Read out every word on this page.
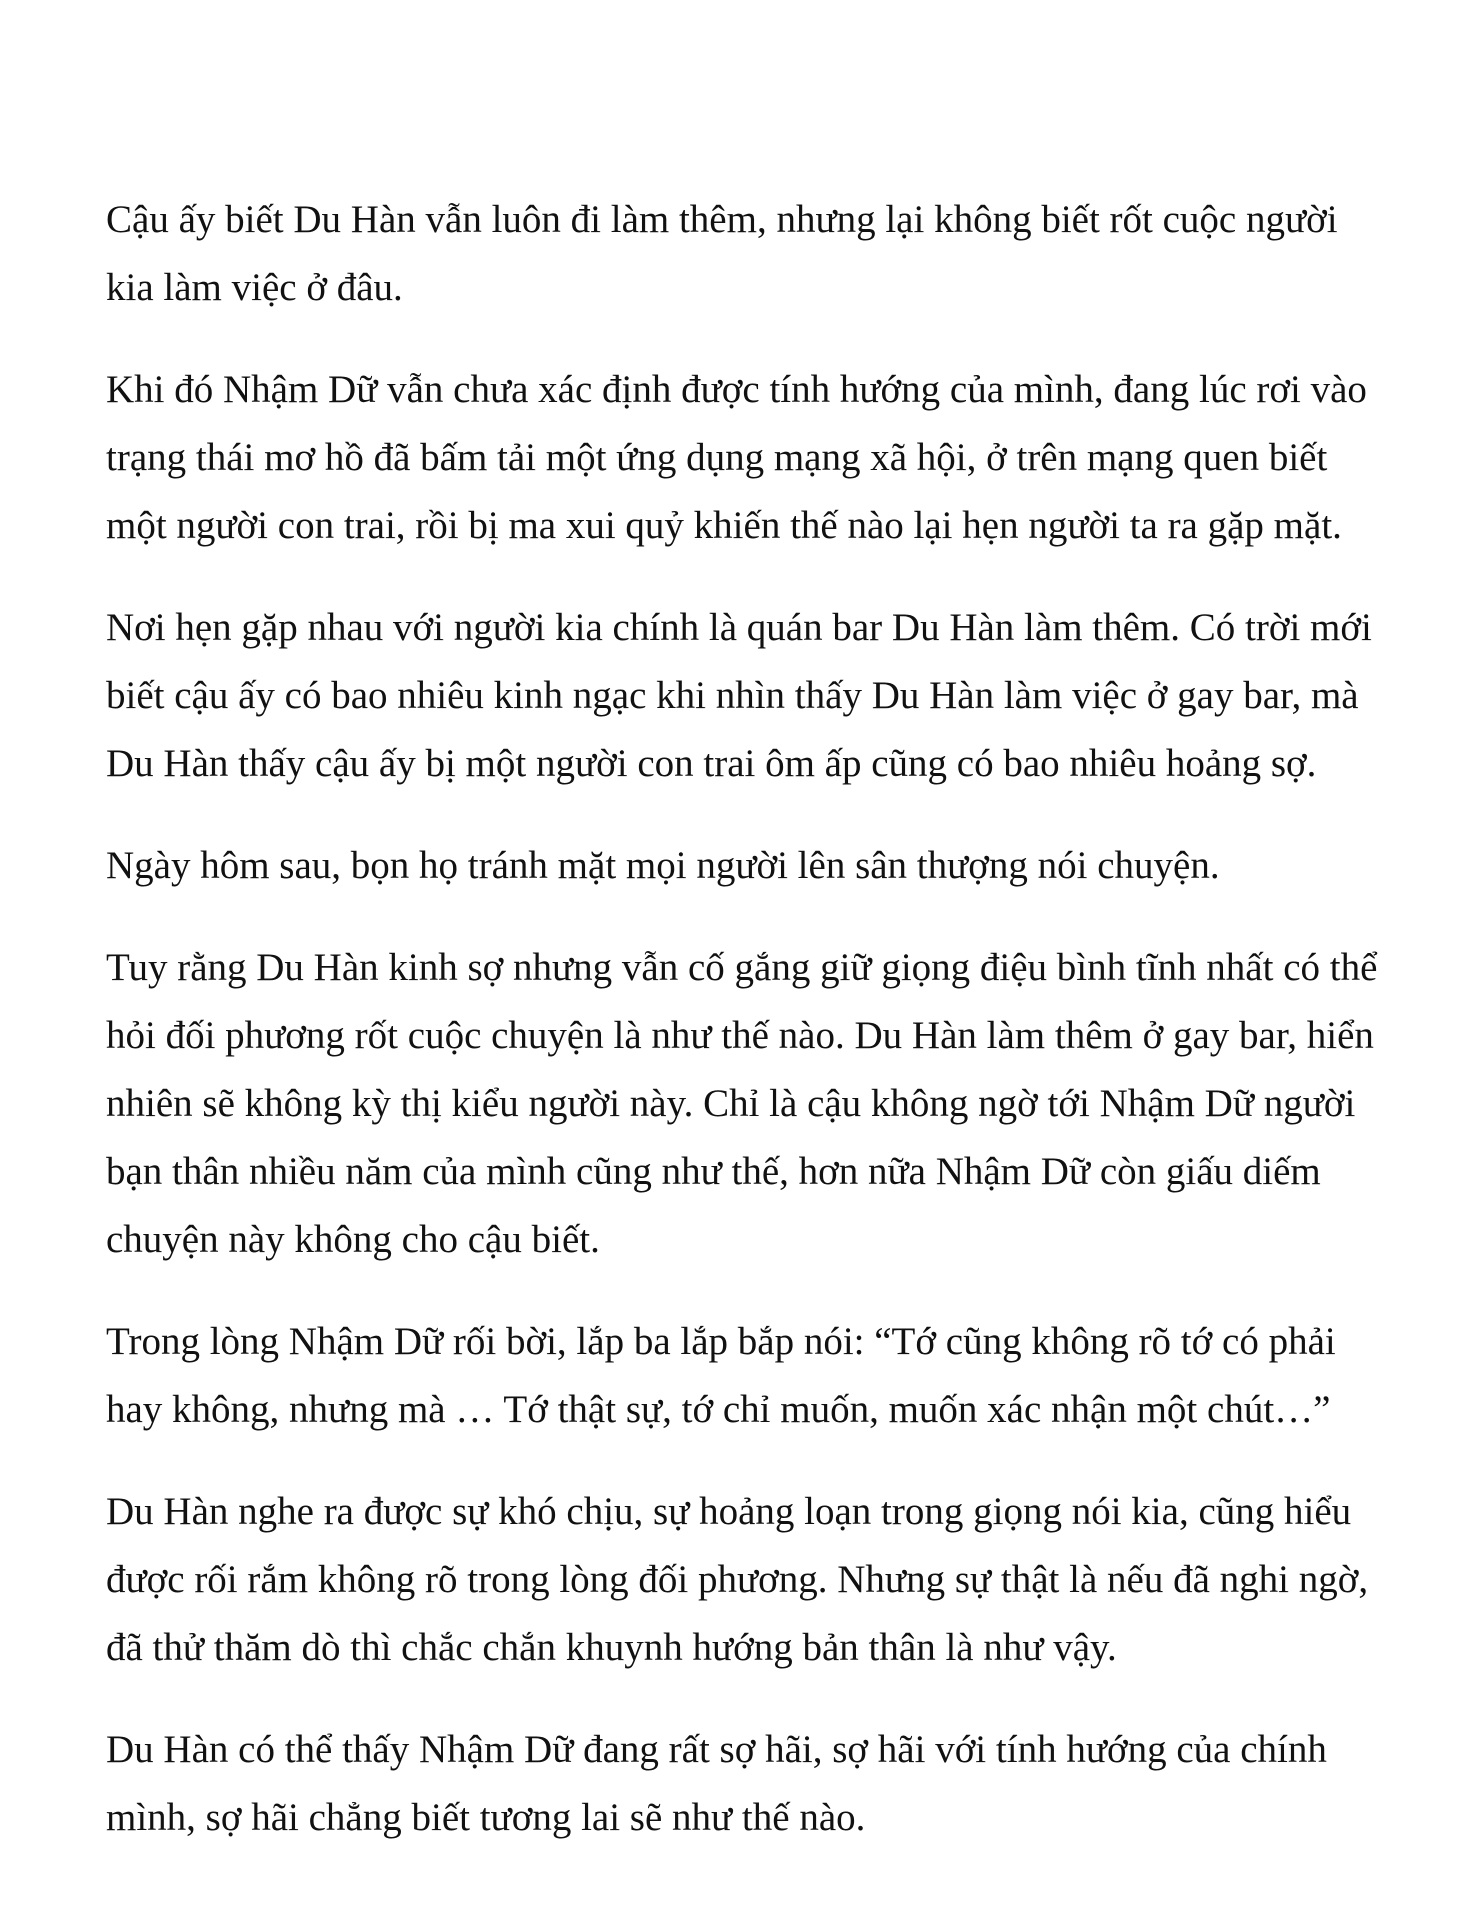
Cậu ấy biết Du Hàn vẫn luôn đi làm thêm, nhưng lại không biết rốt cuộc người
kia làm việc ở đâu.

Khi đó Nhậm Dữ vẫn chưa xác định được tính hướng của mình, đang lúc rơi vào
trạng thái mơ hồ đã bấm tải một ứng dụng mạng xã hội, ở trên mạng quen biết
một người con trai, rồi bị ma xui quỷ khiến thế nào lại hẹn người ta ra gặp mặt.

Nơi hẹn gặp nhau với người kia chính là quán bar Du Hàn làm thêm. Có trời mới
biết cậu ấy có bao nhiêu kinh ngạc khi nhìn thấy Du Hàn làm việc ở gay bar, mà
Du Hàn thấy cậu ấy bị một người con trai ôm ấp cũng có bao nhiêu hoảng sợ.

Ngày hôm sau, bọn họ tránh mặt mọi người lên sân thượng nói chuyện.

Tuy rằng Du Hàn kinh sợ nhưng vẫn cố gắng giữ giọng điệu bình tĩnh nhất có thể
hỏi đối phương rốt cuộc chuyện là như thế nào. Du Hàn làm thêm ở gay bar, hiển
nhiên sẽ không kỳ thị kiểu người này. Chỉ là cậu không ngờ tới Nhậm Dữ người
bạn thân nhiều năm của mình cũng như thế, hơn nữa Nhậm Dữ còn giấu diếm
chuyện này không cho cậu biết.

Trong lòng Nhậm Dữ rối bời, lắp ba lắp bắp nói: “Tớ cũng không rõ tớ có phải
hay không, nhưng mà … Tớ thật sự, tớ chỉ muốn, muốn xác nhận một chút…”

Du Hàn nghe ra được sự khó chịu, sự hoảng loạn trong giọng nói kia, cũng hiểu
được rối rắm không rõ trong lòng đối phương. Nhưng sự thật là nếu đã nghi ngờ,
đã thử thăm dò thì chắc chắn khuynh hướng bản thân là như vậy.

Du Hàn có thể thấy Nhậm Dữ đang rất sợ hãi, sợ hãi với tính hướng của chính
mình, sợ hãi chẳng biết tương lai sẽ như thế nào.
